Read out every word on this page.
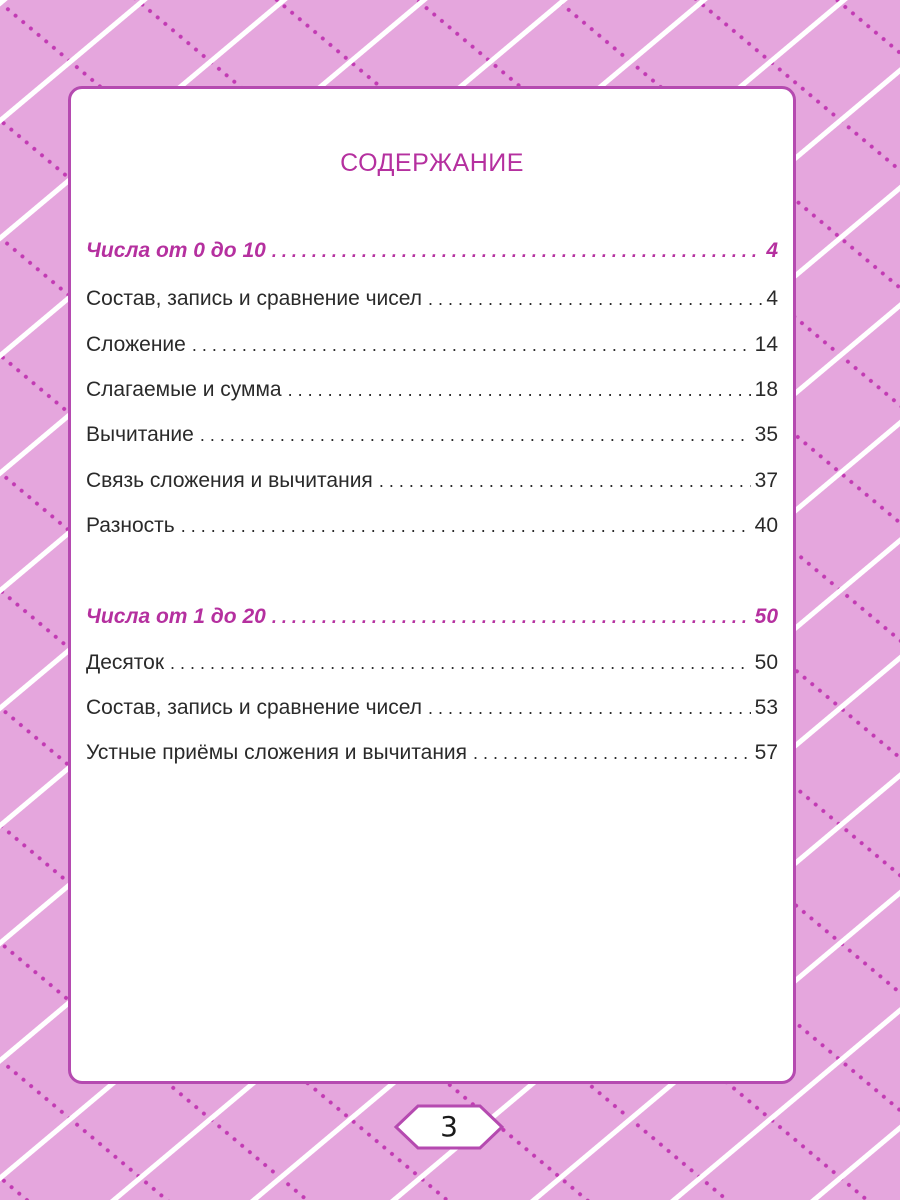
СОДЕРЖАНИЕ
Числа от 0 до 10 . . .	4
Состав, запись и сравнение чисел . . .	4
Сложение . . .	14
Слагаемые и сумма . . .	18
Вычитание . . .	35
Связь сложения и вычитания . . .	37
Разность . . .	40
Числа от 1 до 20 . . .	50
Десяток . . .	50
Состав, запись и сравнение чисел . . .	53
Устные приёмы сложения и вычитания . . .	57
3
